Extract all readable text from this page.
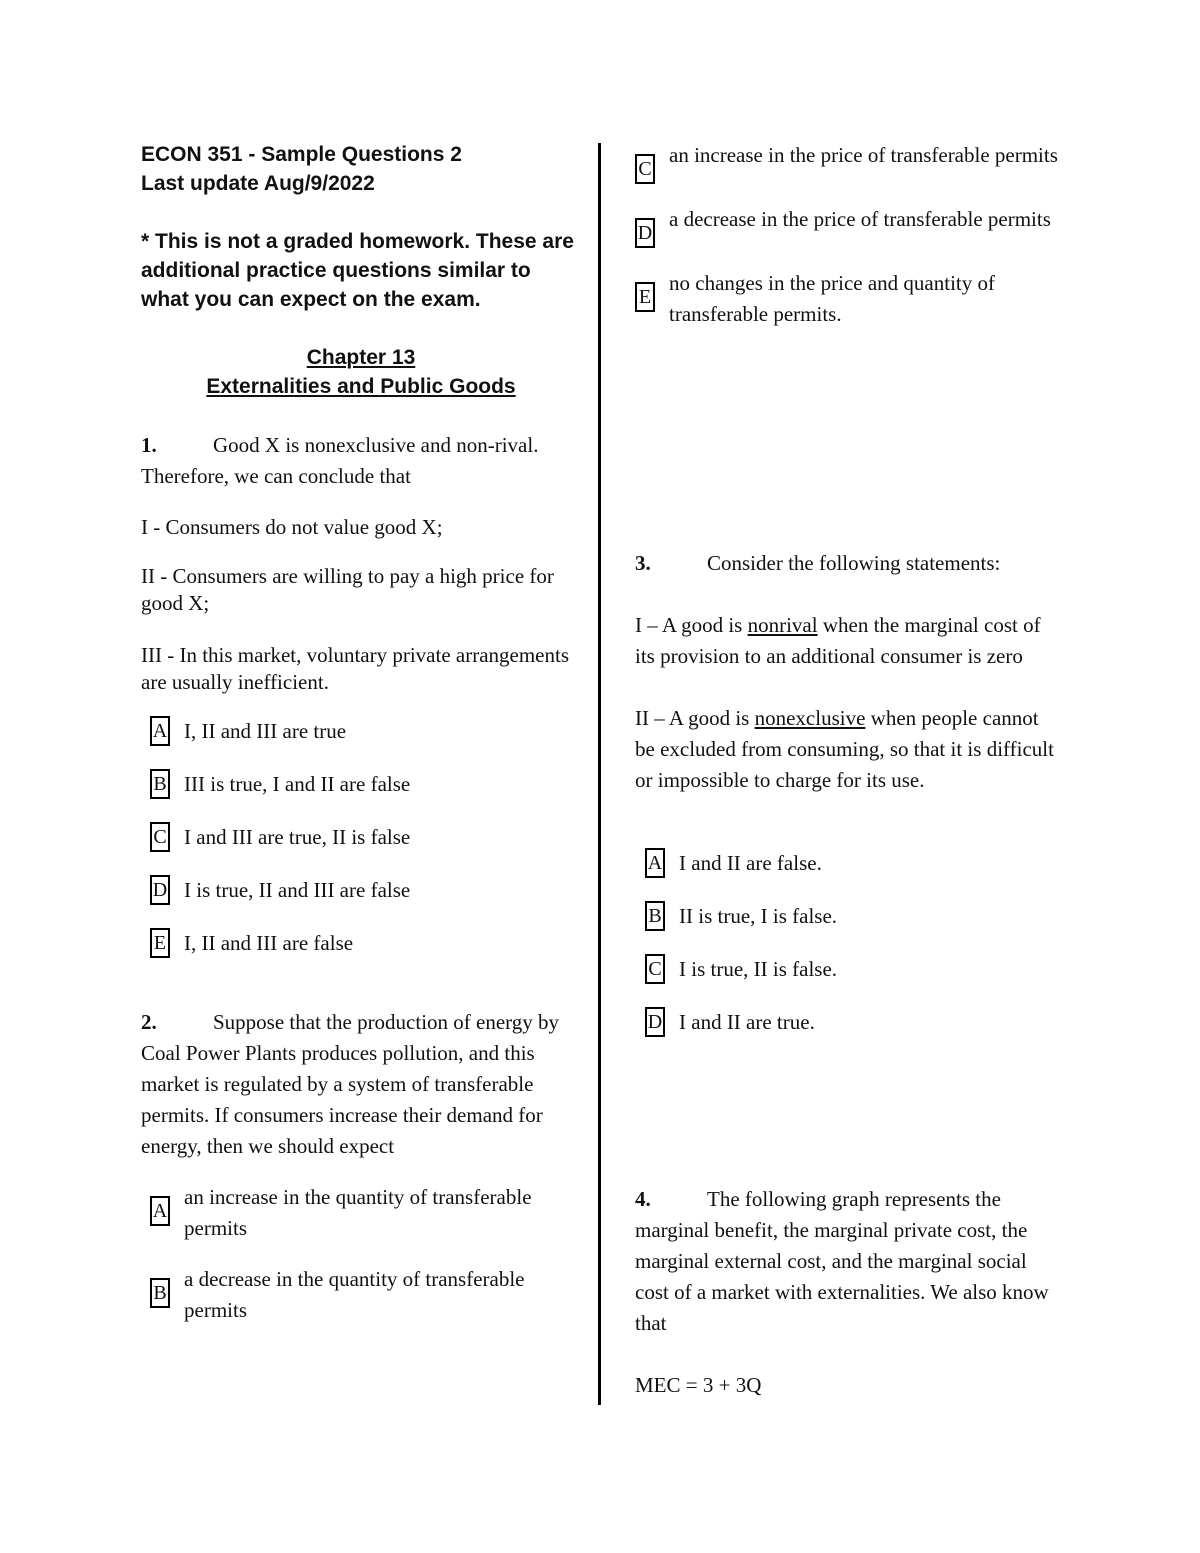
ECON 351 - Sample Questions 2
Last update Aug/9/2022
* This is not a graded homework. These are additional practice questions similar to what you can expect on the exam.
Chapter 13
Externalities and Public Goods

1.	Good X is nonexclusive and non-rival. Therefore, we can conclude that

I - Consumers do not value good X;

II - Consumers are willing to pay a high price for good X;

III - In this market, voluntary private arrangements are usually inefficient.

A I, II and III are true
B III is true, I and II are false
C I and III are true, II is false
D I is true, II and III are false
E I, II and III are false

2.	Suppose that the production of energy by Coal Power Plants produces pollution, and this market is regulated by a system of transferable permits. If consumers increase their demand for energy, then we should expect

A
an increase in the quantity of transferable permits
B
a decrease in the quantity of transferable permits
C
an increase in the price of transferable permits
D
a decrease in the price of transferable permits
E
no changes in the price and quantity of transferable permits.

3.	Consider the following statements:

I – A good is nonrival when the marginal cost of its provision to an additional consumer is zero

II – A good is nonexclusive when people cannot be excluded from consuming, so that it is difficult or impossible to charge for its use.

A I and II are false.
B II is true, I is false.
C I is true, II is false.
D I and II are true.

4.	The following graph represents the marginal benefit, the marginal private cost, the marginal external cost, and the marginal social cost of a market with externalities. We also know that

MEC = 3 + 3Q
